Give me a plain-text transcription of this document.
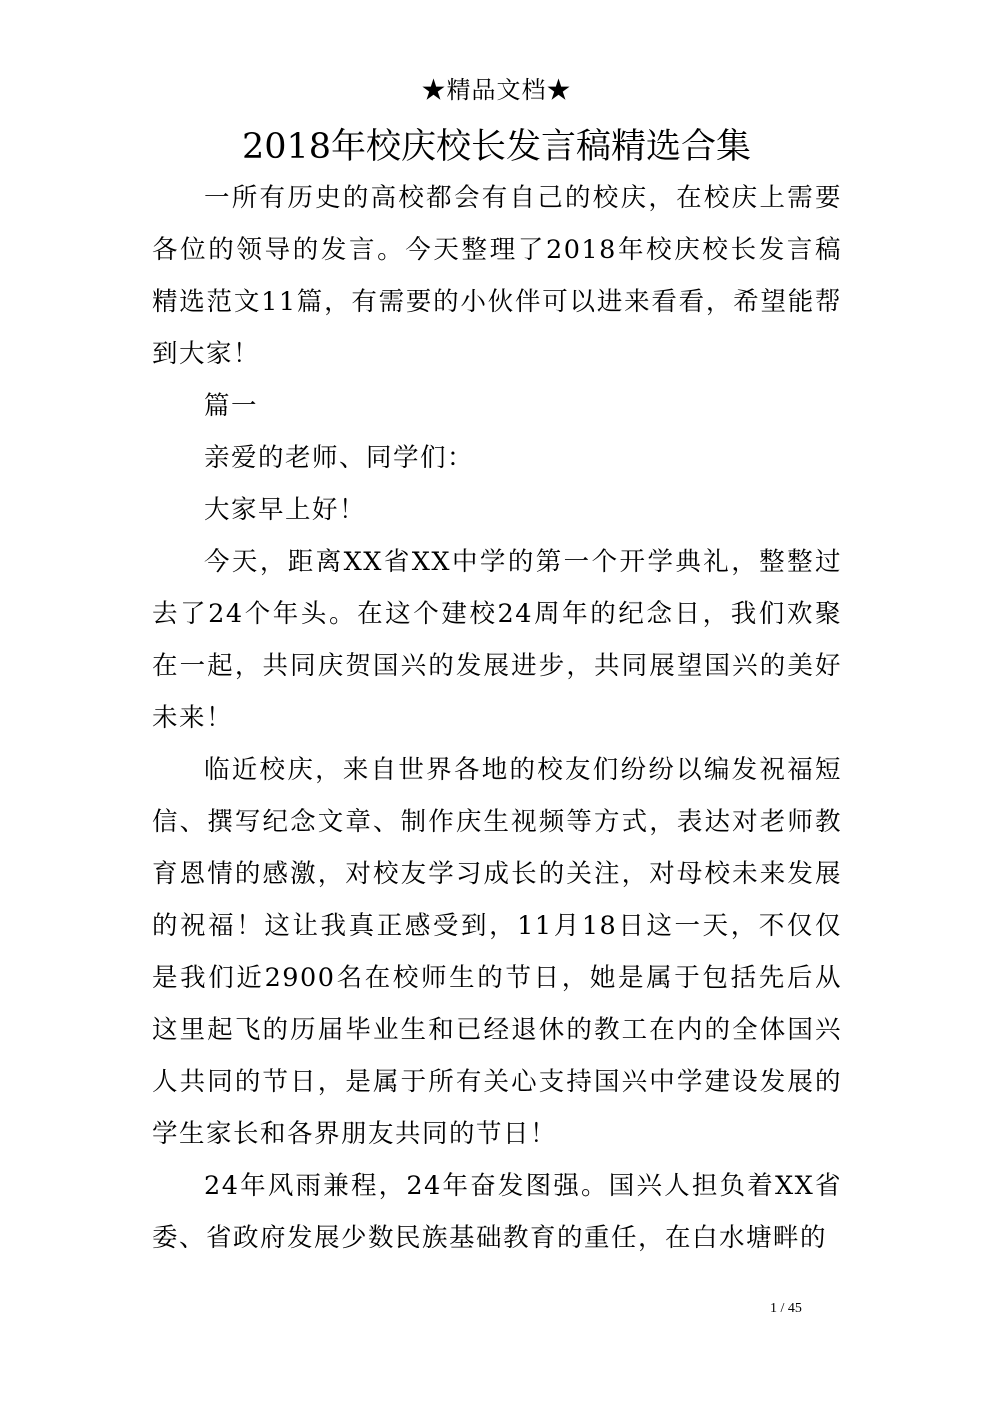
★精品文档★
2018年校庆校长发言稿精选合集

一所有历史的高校都会有自己的校庆，在校庆上需要各位的领导的发言。今天整理了2018年校庆校长发言稿精选范文11篇，有需要的小伙伴可以进来看看，希望能帮到大家！

篇一

亲爱的老师、同学们：

大家早上好！

今天，距离XX省XX中学的第一个开学典礼，整整过去了24个年头。在这个建校24周年的纪念日，我们欢聚在一起，共同庆贺国兴的发展进步，共同展望国兴的美好未来！

临近校庆，来自世界各地的校友们纷纷以编发祝福短信、撰写纪念文章、制作庆生视频等方式，表达对老师教育恩情的感激，对校友学习成长的关注，对母校未来发展的祝福！这让我真正感受到，11月18日这一天，不仅仅是我们近2900名在校师生的节日，她是属于包括先后从这里起飞的历届毕业生和已经退休的教工在内的全体国兴人共同的节日，是属于所有关心支持国兴中学建设发展的学生家长和各界朋友共同的节日！

24年风雨兼程，24年奋发图强。国兴人担负着XX省委、省政府发展少数民族基础教育的重任，在白水塘畔的

1 / 45
